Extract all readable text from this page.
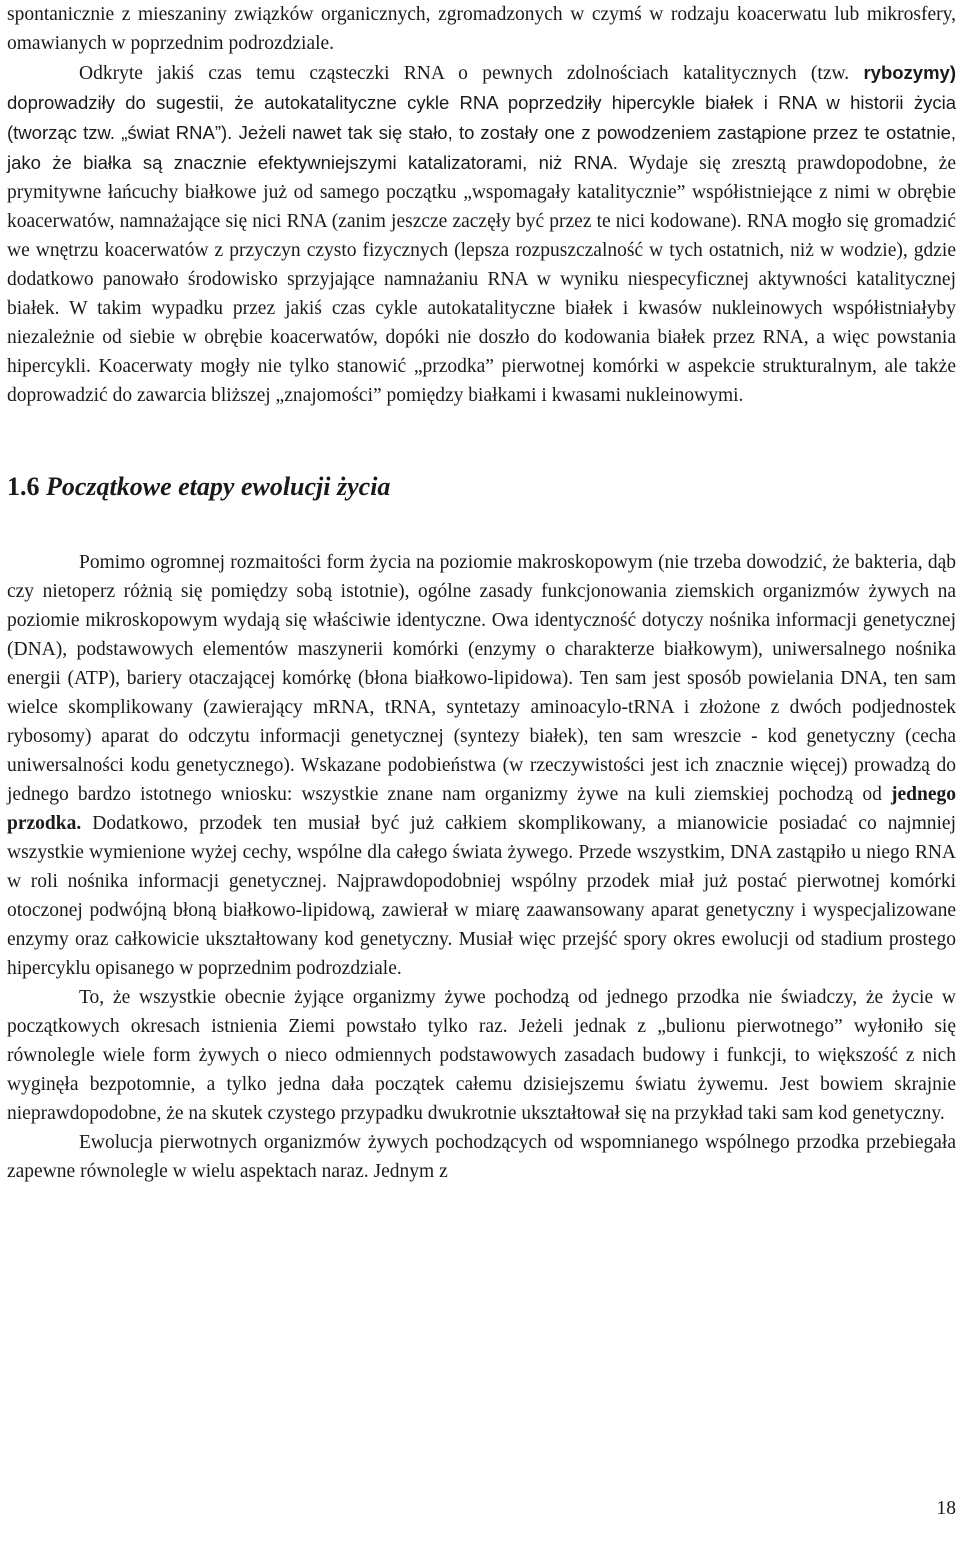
spontanicznie z mieszaniny związków organicznych, zgromadzonych w czymś w rodzaju koacerwatu lub mikrosfery, omawianych w poprzednim podrozdziale.

Odkryte jakiś czas temu cząsteczki RNA o pewnych zdolnościach katalitycznych (tzw. rybozymy) doprowadziły do sugestii, że autokatalityczne cykle RNA poprzedziły hipercykle białek i RNA w historii życia (tworząc tzw. „świat RNA”). Jeżeli nawet tak się stało, to zostały one z powodzeniem zastąpione przez te ostatnie, jako że białka są znacznie efektywniejszymi katalizatorami, niż RNA. Wydaje się zresztą prawdopodobne, że prymitywne łańcuchy białkowe już od samego początku „wspomagały katalitycznie” współistniejące z nimi w obrębie koacerwatów, namnażające się nici RNA (zanim jeszcze zaczęły być przez te nici kodowane). RNA mogło się gromadzić we wnętrzu koacerwatów z przyczyn czysto fizycznych (lepsza rozpuszczalność w tych ostatnich, niż w wodzie), gdzie dodatkowo panowało środowisko sprzyjające namnażaniu RNA w wyniku niespecyficznej aktywności katalitycznej białek. W takim wypadku przez jakiś czas cykle autokatalityczne białek i kwasów nukleinowych współistniałyby niezależnie od siebie w obrębie koacerwatów, dopóki nie doszło do kodowania białek przez RNA, a więc powstania hipercykli. Koacerwaty mogły nie tylko stanowić „przodka” pierwotnej komórki w aspekcie strukturalnym, ale także doprowadzić do zawarcia bliższej „znajomości” pomiędzy białkami i kwasami nukleinowymi.

1.6 Początkowe etapy ewolucji życia

Pomimo ogromnej rozmaitości form życia na poziomie makroskopowym (nie trzeba dowodzić, że bakteria, dąb czy nietoperz różnią się pomiędzy sobą istotnie), ogólne zasady funkcjonowania ziemskich organizmów żywych na poziomie mikroskopowym wydają się właściwie identyczne. Owa identyczność dotyczy nośnika informacji genetycznej (DNA), podstawowych elementów maszynerii komórki (enzymy o charakterze białkowym), uniwersalnego nośnika energii (ATP), bariery otaczającej komórkę (błona białkowo-lipidowa). Ten sam jest sposób powielania DNA, ten sam wielce skomplikowany (zawierający mRNA, tRNA, syntetazy aminoacylo-tRNA i złożone z dwóch podjednostek rybosomy) aparat do odczytu informacji genetycznej (syntezy białek), ten sam wreszcie - kod genetyczny (cecha uniwersalności kodu genetycznego). Wskazane podobieństwa (w rzeczywistości jest ich znacznie więcej) prowadzą do jednego bardzo istotnego wniosku: wszystkie znane nam organizmy żywe na kuli ziemskiej pochodzą od jednego przodka. Dodatkowo, przodek ten musiał być już całkiem skomplikowany, a mianowicie posiadać co najmniej wszystkie wymienione wyżej cechy, wspólne dla całego świata żywego. Przede wszystkim, DNA zastąpiło u niego RNA w roli nośnika informacji genetycznej. Najprawdopodobniej wspólny przodek miał już postać pierwotnej komórki otoczonej podwójną błoną białkowo-lipidową, zawierał w miarę zaawansowany aparat genetyczny i wyspecjalizowane enzymy oraz całkowicie ukształtowany kod genetyczny. Musiał więc przejść spory okres ewolucji od stadium prostego hipercyklu opisanego w poprzednim podrozdziale.

To, że wszystkie obecnie żyjące organizmy żywe pochodzą od jednego przodka nie świadczy, że życie w początkowych okresach istnienia Ziemi powstało tylko raz. Jeżeli jednak z „bulionu pierwotnego” wyłoniło się równolegle wiele form żywych o nieco odmiennych podstawowych zasadach budowy i funkcji, to większość z nich wyginęła bezpotomnie, a tylko jedna dała początek całemu dzisiejszemu światu żywemu. Jest bowiem skrajnie nieprawdopodobne, że na skutek czystego przypadku dwukrotnie ukształtował się na przykład taki sam kod genetyczny.

Ewolucja pierwotnych organizmów żywych pochodzących od wspomnianego wspólnego przodka przebiegała zapewne równolegle w wielu aspektach naraz. Jednym z

18
